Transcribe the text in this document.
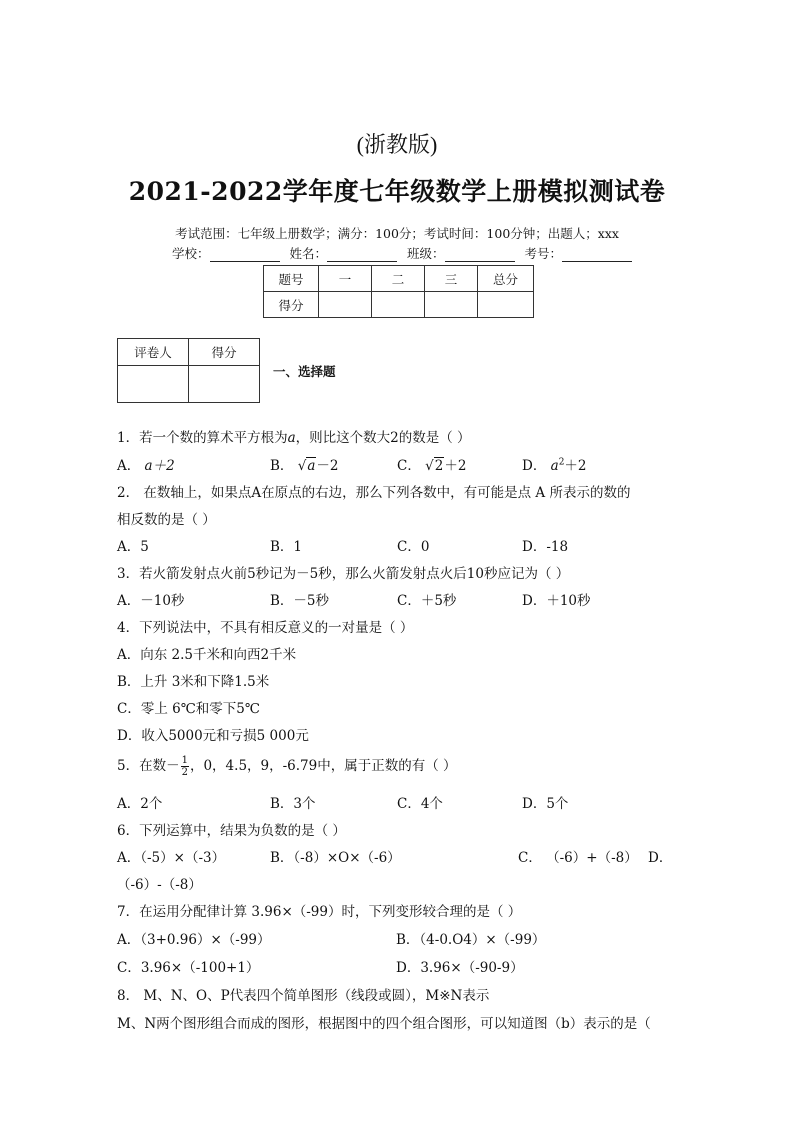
(浙教版)
2021-2022学年度七年级数学上册模拟测试卷
考试范围：七年级上册数学；满分：100分；考试时间：100分钟；出题人；xxx
学校：	姓名：	班级：	考号：
题号	一	二	三	总分
得分				
评卷人	得分

一、选择题
1．若一个数的算术平方根为a，则比这个数大2的数是（ ）
A． a＋2	B． √a－2	C． √2＋2	D． $a^2+2$
2． 在数轴上，如果点A在原点的右边，那么下列各数中，有可能是点 A 所表示的数的
相反数的是（ ）
A．5	B．1	C．0	D．-18
3．若火箭发射点火前5秒记为－5秒，那么火箭发射点火后10秒应记为（ ）
A．－10秒	B．－5秒	C．＋5秒	D．＋10秒
4．下列说法中，不具有相反意义的一对量是（ ）
A．向东 2.5千米和向西2千米
B．上升 3米和下降1.5米
C．零上 6℃和零下5℃
D．收入5000元和亏损5 000元
5．在数－ $\frac{1}{2}$ ，0，4.5，9，-6.79中，属于正数的有（ ）
A．2个	B．3个	C．4个	D．5个
6．下列运算中，结果为负数的是（ ）
A．（-5）×（-3）	B．（-8）×O×（-6）	C． （-6）+（-8） D．
（-6）-（-8）
7．在运用分配律计算 3.96×（-99）时，下列变形较合理的是（ ）
A．（3+0.96）×（-99）	B．（4-0.O4）×（-99）
C．3.96×（-100+1）	D．3.96×（-90-9）
8． M、N、O、P代表四个简单图形（线段或圆），M※N表示
M、N两个图形组合而成的图形，根据图中的四个组合图形，可以知道图（b）表示的是（
